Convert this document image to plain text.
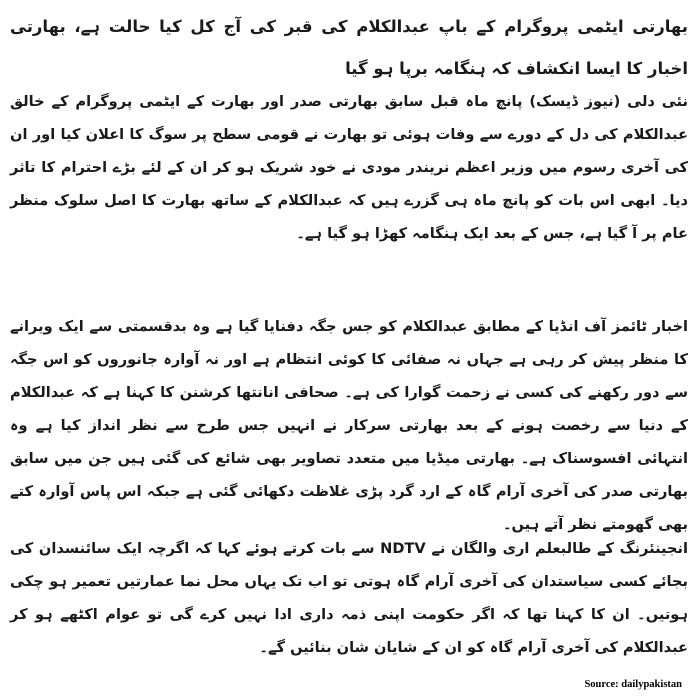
بھارتی ایٹمی پروگرام کے باپ عبدالکلام کی قبر کی آج کل کیا حالت ہے، بھارتی اخبار کا ایسا انکشاف کہ ہنگامہ برپا ہو گیا

نئی دلی (نیوز ڈیسک) پانچ ماہ قبل سابق بھارتی صدر اور بھارت کے ایٹمی پروگرام کے خالق عبدالکلام کی دل کے دورے سے وفات ہوئی تو بھارت نے قومی سطح پر سوگ کا اعلان کیا اور ان کی آخری رسوم میں وزیر اعظم نریندر مودی نے خود شریک ہو کر ان کے لئے بڑے احترام کا تاثر دیا۔ ابھی اس بات کو پانچ ماہ ہی گزرے ہیں کہ عبدالکلام کے ساتھ بھارت کا اصل سلوک منظر عام پر آ گیا ہے، جس کے بعد ایک ہنگامہ کھڑا ہو گیا ہے۔

اخبار ٹائمز آف انڈیا کے مطابق عبدالکلام کو جس جگہ دفنایا گیا ہے وہ بدقسمتی سے ایک ویرانے کا منظر پیش کر رہی ہے جہاں نہ صفائی کا کوئی انتظام ہے اور نہ آوارہ جانوروں کو اس جگہ سے دور رکھنے کی کسی نے زحمت گوارا کی ہے۔ صحافی انانتھا کرشنن کا کہنا ہے کہ عبدالکلام کے دنیا سے رخصت ہونے کے بعد بھارتی سرکار نے انہیں جس طرح سے نظر انداز کیا ہے وہ انتہائی افسوسناک ہے۔ بھارتی میڈیا میں متعدد تصاویر بھی شائع کی گئی ہیں جن میں سابق بھارتی صدر کی آخری آرام گاہ کے ارد گرد پڑی غلاظت دکھائی گئی ہے جبکہ اس پاس آوارہ کتے بھی گھومتے نظر آتے ہیں۔

انجینئرنگ کے طالبعلم اری والگان نے NDTV سے بات کرتے ہوئے کہا کہ اگرچہ ایک سائنسدان کی بجائے کسی سیاستدان کی آخری آرام گاہ ہوتی تو اب تک یہاں محل نما عمارتیں تعمیر ہو چکی ہوتیں۔ ان کا کہنا تھا کہ اگر حکومت اپنی ذمہ داری ادا نہیں کرے گی تو عوام اکٹھے ہو کر عبدالکلام کی آخری آرام گاہ کو ان کے شایان شان بنائیں گے۔

Source: dailypakistan
